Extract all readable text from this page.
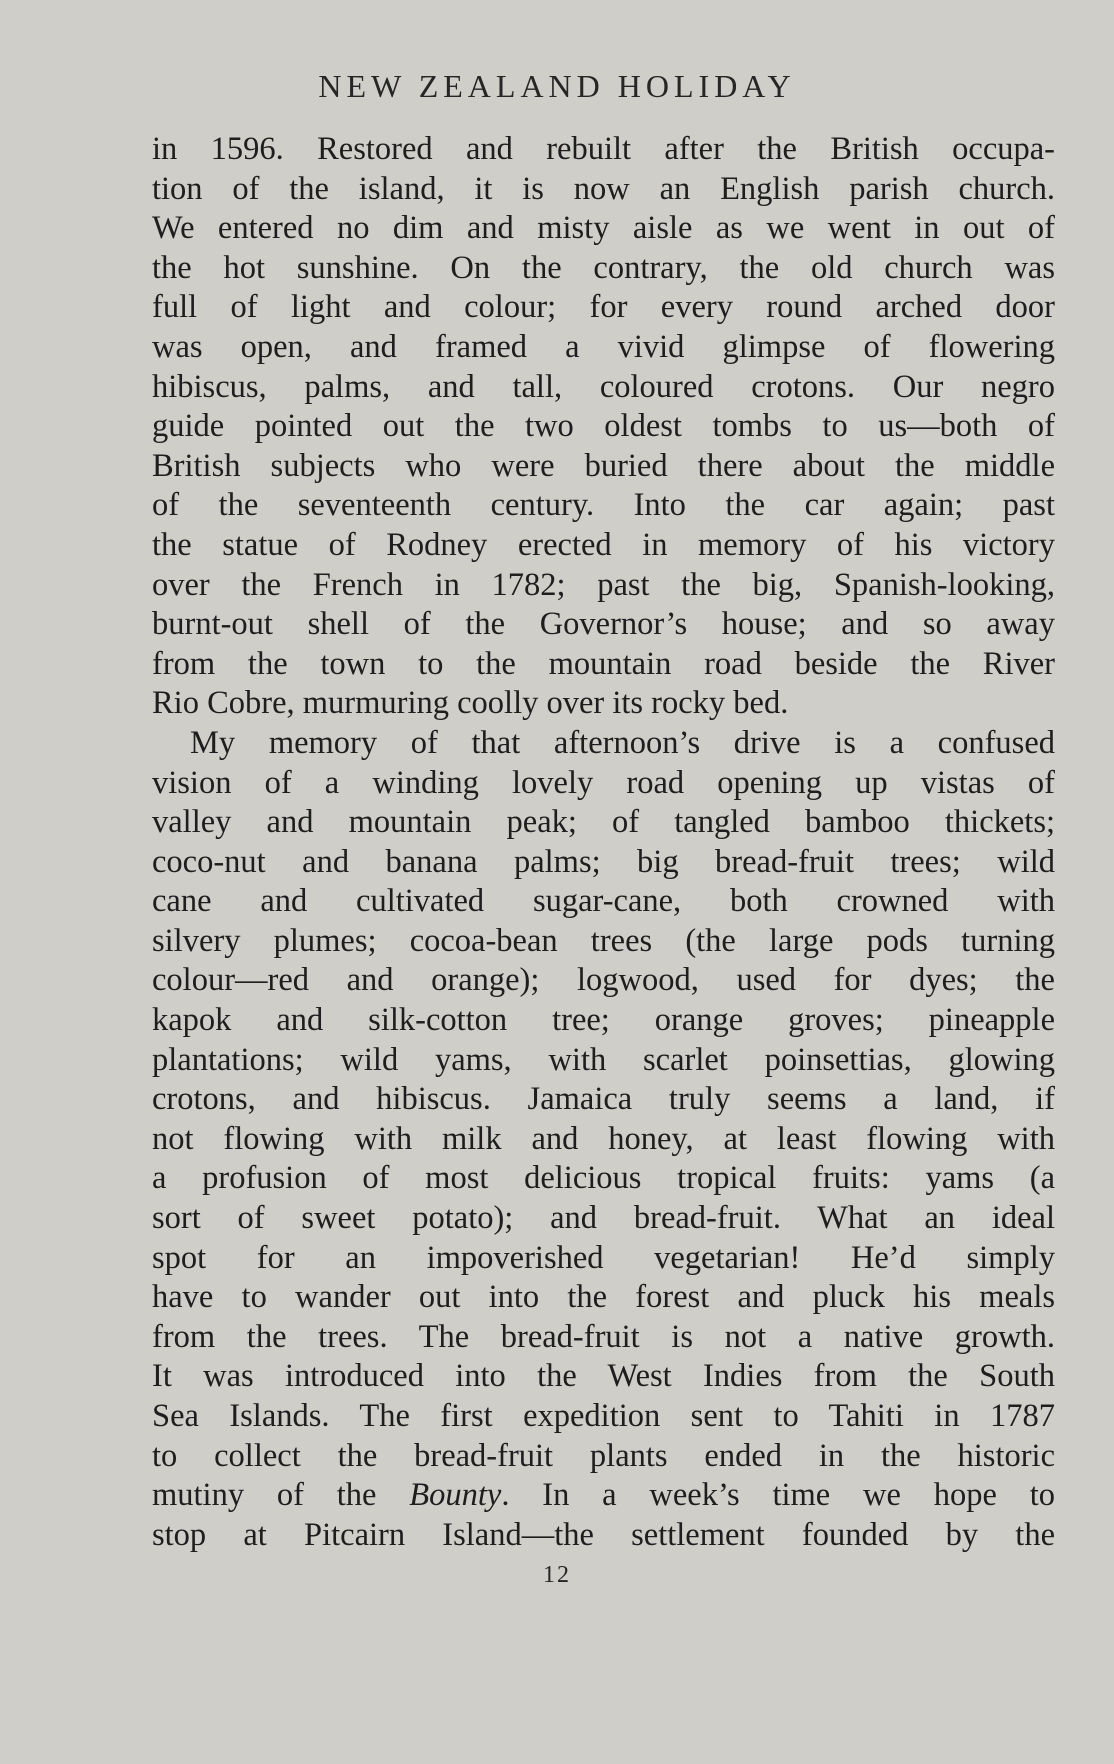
NEW ZEALAND HOLIDAY
in 1596. Restored and rebuilt after the British occupa-
tion of the island, it is now an English parish church.
We entered no dim and misty aisle as we went in out of
the hot sunshine. On the contrary, the old church was
full of light and colour; for every round arched door
was open, and framed a vivid glimpse of flowering
hibiscus, palms, and tall, coloured crotons. Our negro
guide pointed out the two oldest tombs to us—both of
British subjects who were buried there about the middle
of the seventeenth century. Into the car again; past
the statue of Rodney erected in memory of his victory
over the French in 1782; past the big, Spanish-looking,
burnt-out shell of the Governor’s house; and so away
from the town to the mountain road beside the River
Rio Cobre, murmuring coolly over its rocky bed.
My memory of that afternoon’s drive is a confused
vision of a winding lovely road opening up vistas of
valley and mountain peak; of tangled bamboo thickets;
coco-nut and banana palms; big bread-fruit trees; wild
cane and cultivated sugar-cane, both crowned with
silvery plumes; cocoa-bean trees (the large pods turning
colour—red and orange); logwood, used for dyes; the
kapok and silk-cotton tree; orange groves; pineapple
plantations; wild yams, with scarlet poinsettias, glowing
crotons, and hibiscus. Jamaica truly seems a land, if
not flowing with milk and honey, at least flowing with
a profusion of most delicious tropical fruits: yams (a
sort of sweet potato); and bread-fruit. What an ideal
spot for an impoverished vegetarian! He’d simply
have to wander out into the forest and pluck his meals
from the trees. The bread-fruit is not a native growth.
It was introduced into the West Indies from the South
Sea Islands. The first expedition sent to Tahiti in 1787
to collect the bread-fruit plants ended in the historic
mutiny of the Bounty. In a week’s time we hope to
stop at Pitcairn Island—the settlement founded by the
12
